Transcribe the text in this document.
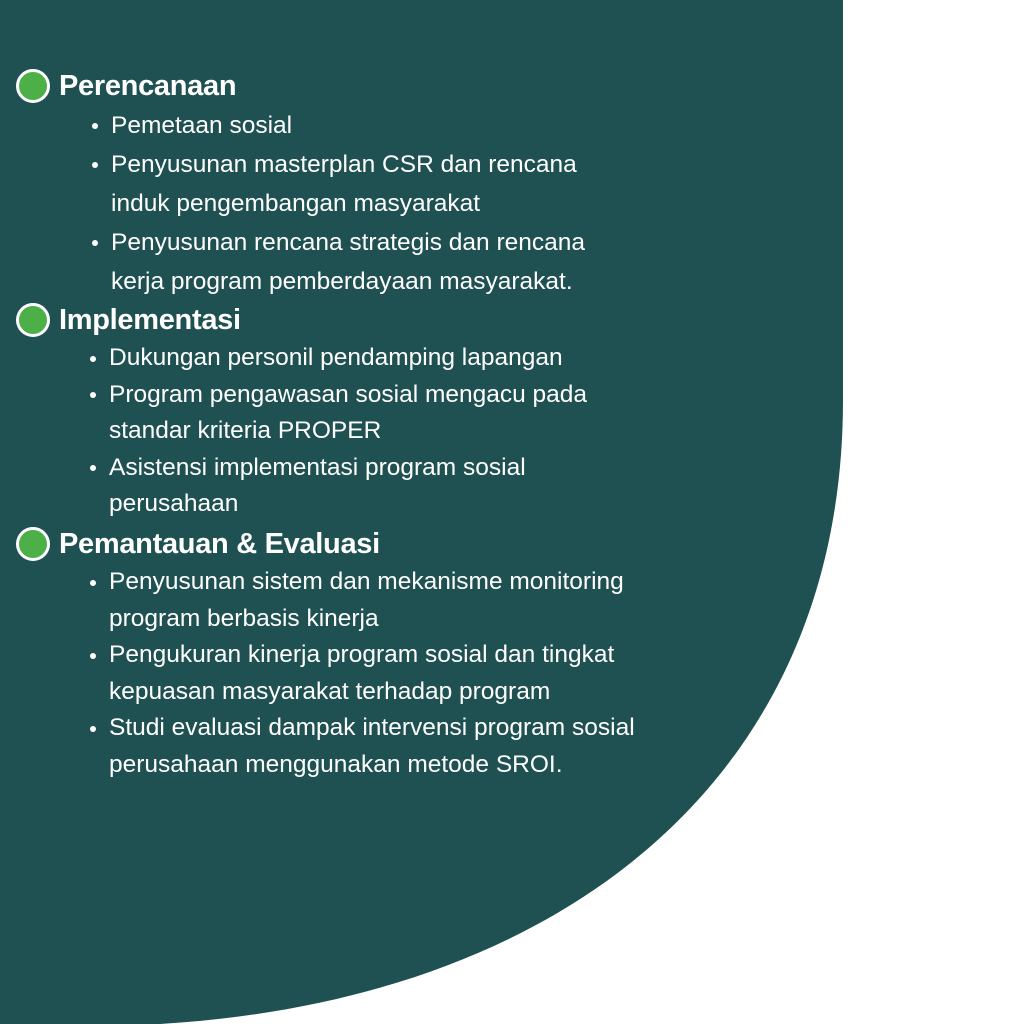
Perencanaan
Pemetaan sosial
Penyusunan masterplan CSR dan rencana
induk pengembangan masyarakat
Penyusunan rencana strategis dan rencana
kerja program pemberdayaan masyarakat.
Implementasi
Dukungan personil pendamping lapangan
Program pengawasan sosial mengacu pada
standar kriteria PROPER
Asistensi implementasi program sosial
perusahaan
Pemantauan & Evaluasi
Penyusunan sistem dan mekanisme monitoring
program berbasis kinerja
Pengukuran kinerja program sosial dan tingkat
kepuasan masyarakat terhadap program
Studi evaluasi dampak intervensi program sosial
perusahaan menggunakan metode SROI.
